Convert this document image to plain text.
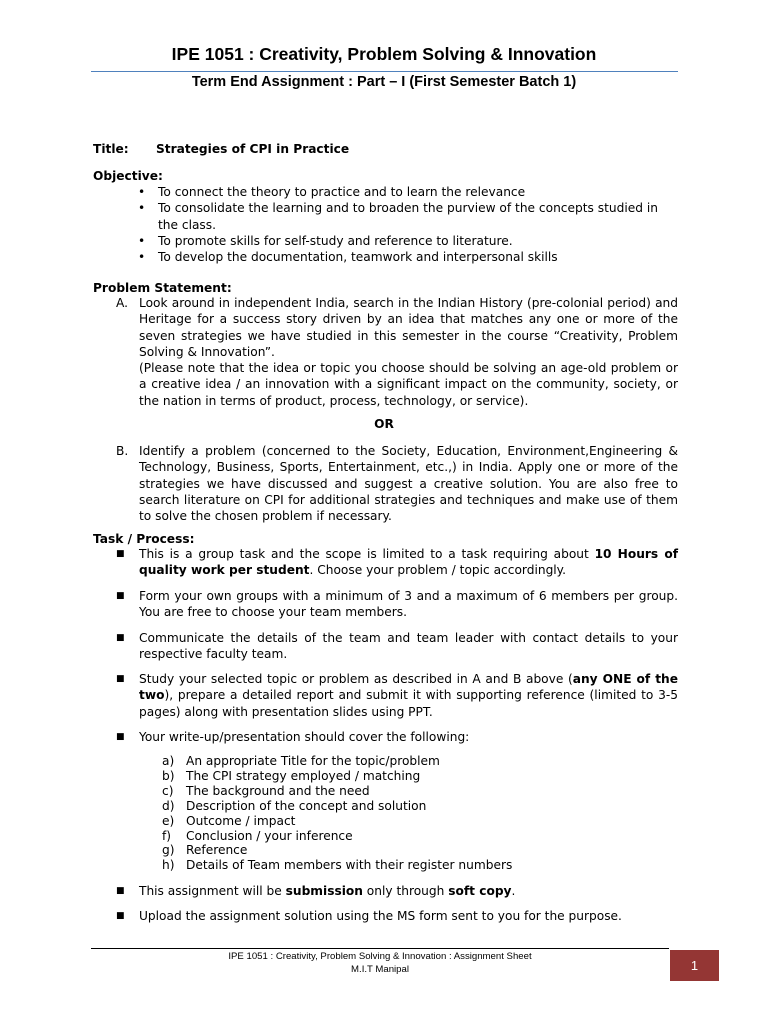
IPE 1051 : Creativity, Problem Solving & Innovation
Term End Assignment : Part – I (First Semester Batch 1)
Title: Strategies of CPI in Practice
Objective:
•	To connect the theory to practice and to learn the relevance
•	To consolidate the learning and to broaden the purview of the concepts studied in the class.
•	To promote skills for self-study and reference to literature.
•	To develop the documentation, teamwork and interpersonal skills
Problem Statement:
A. Look around in independent India, search in the Indian History (pre-colonial period) and Heritage for a success story driven by an idea that matches any one or more of the seven strategies we have studied in this semester in the course “Creativity, Problem Solving & Innovation”.
(Please note that the idea or topic you choose should be solving an age-old problem or a creative idea / an innovation with a significant impact on the community, society, or the nation in terms of product, process, technology, or service).
OR
B. Identify a problem (concerned to the Society, Education, Environment,Engineering & Technology, Business, Sports, Entertainment, etc.,) in India. Apply one or more of the strategies we have discussed and suggest a creative solution. You are also free to search literature on CPI for additional strategies and techniques and make use of them to solve the chosen problem if necessary.
Task / Process:
■ This is a group task and the scope is limited to a task requiring about 10 Hours of quality work per student. Choose your problem / topic accordingly.
■ Form your own groups with a minimum of 3 and a maximum of 6 members per group. You are free to choose your team members.
■ Communicate the details of the team and team leader with contact details to your respective faculty team.
■ Study your selected topic or problem as described in A and B above (any ONE of the two), prepare a detailed report and submit it with supporting reference (limited to 3-5 pages) along with presentation slides using PPT.
■ Your write-up/presentation should cover the following:
a) An appropriate Title for the topic/problem
b) The CPI strategy employed / matching
c) The background and the need
d) Description of the concept and solution
e) Outcome / impact
f) Conclusion / your inference
g) Reference
h) Details of Team members with their register numbers
■ This assignment will be submission only through soft copy.
■ Upload the assignment solution using the MS form sent to you for the purpose.
IPE 1051 : Creativity, Problem Solving & Innovation : Assignment Sheet
M.I.T Manipal	1
